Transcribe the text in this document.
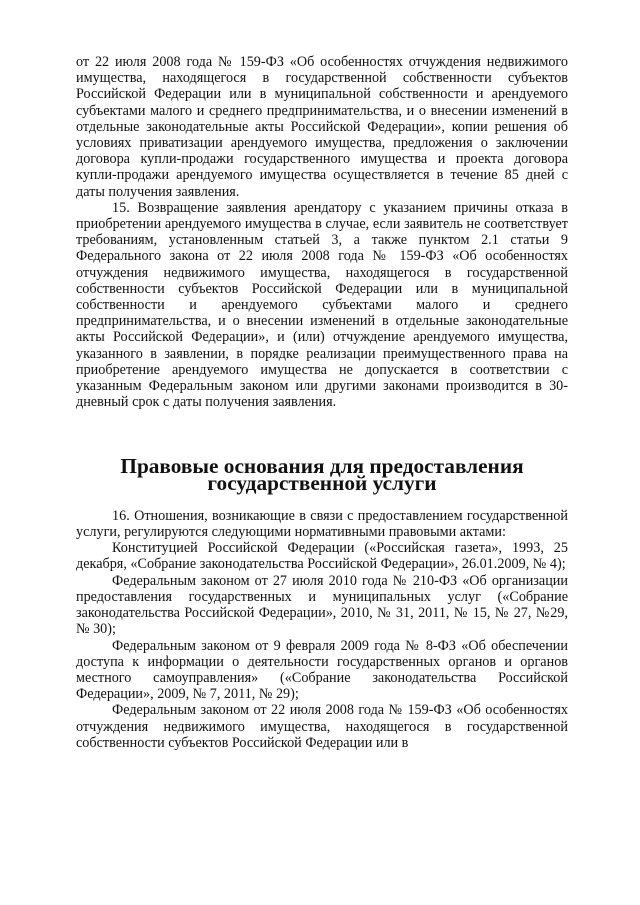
от 22 июля 2008 года № 159-ФЗ «Об особенностях отчуждения недвижимого имущества, находящегося в государственной собственности субъектов Российской Федерации или в муниципальной собственности и арендуемого субъектами малого и среднего предпринимательства, и о внесении изменений в отдельные законодательные акты Российской Федерации», копии решения об условиях приватизации арендуемого имущества, предложения о заключении договора купли-продажи государственного имущества и проекта договора купли-продажи арендуемого имущества осуществляется в течение 85 дней с даты получения заявления.

15. Возвращение заявления арендатору с указанием причины отказа в приобретении арендуемого имущества в случае, если заявитель не соответствует требованиям, установленным статьей 3, а также пунктом 2.1 статьи 9 Федерального закона от 22 июля 2008 года № 159-ФЗ «Об особенностях отчуждения недвижимого имущества, находящегося в государственной собственности субъектов Российской Федерации или в муниципальной собственности и арендуемого субъектами малого и среднего предпринимательства, и о внесении изменений в отдельные законодательные акты Российской Федерации», и (или) отчуждение арендуемого имущества, указанного в заявлении, в порядке реализации преимущественного права на приобретение арендуемого имущества не допускается в соответствии с указанным Федеральным законом или другими законами производится в 30-дневный срок с даты получения заявления.

Правовые основания для предоставления государственной услуги

16. Отношения, возникающие в связи с предоставлением государственной услуги, регулируются следующими нормативными правовыми актами:

Конституцией Российской Федерации («Российская газета», 1993, 25 декабря, «Собрание законодательства Российской Федерации», 26.01.2009, № 4);

Федеральным законом от 27 июля 2010 года № 210-ФЗ «Об организации предоставления государственных и муниципальных услуг («Собрание законодательства Российской Федерации», 2010, № 31, 2011, № 15, № 27, №29, № 30);

Федеральным законом от 9 февраля 2009 года № 8-ФЗ «Об обеспечении доступа к информации о деятельности государственных органов и органов местного самоуправления» («Собрание законодательства Российской Федерации», 2009, № 7, 2011, № 29);

Федеральным законом от 22 июля 2008 года № 159-ФЗ «Об особенностях отчуждения недвижимого имущества, находящегося в государственной собственности субъектов Российской Федерации или в
